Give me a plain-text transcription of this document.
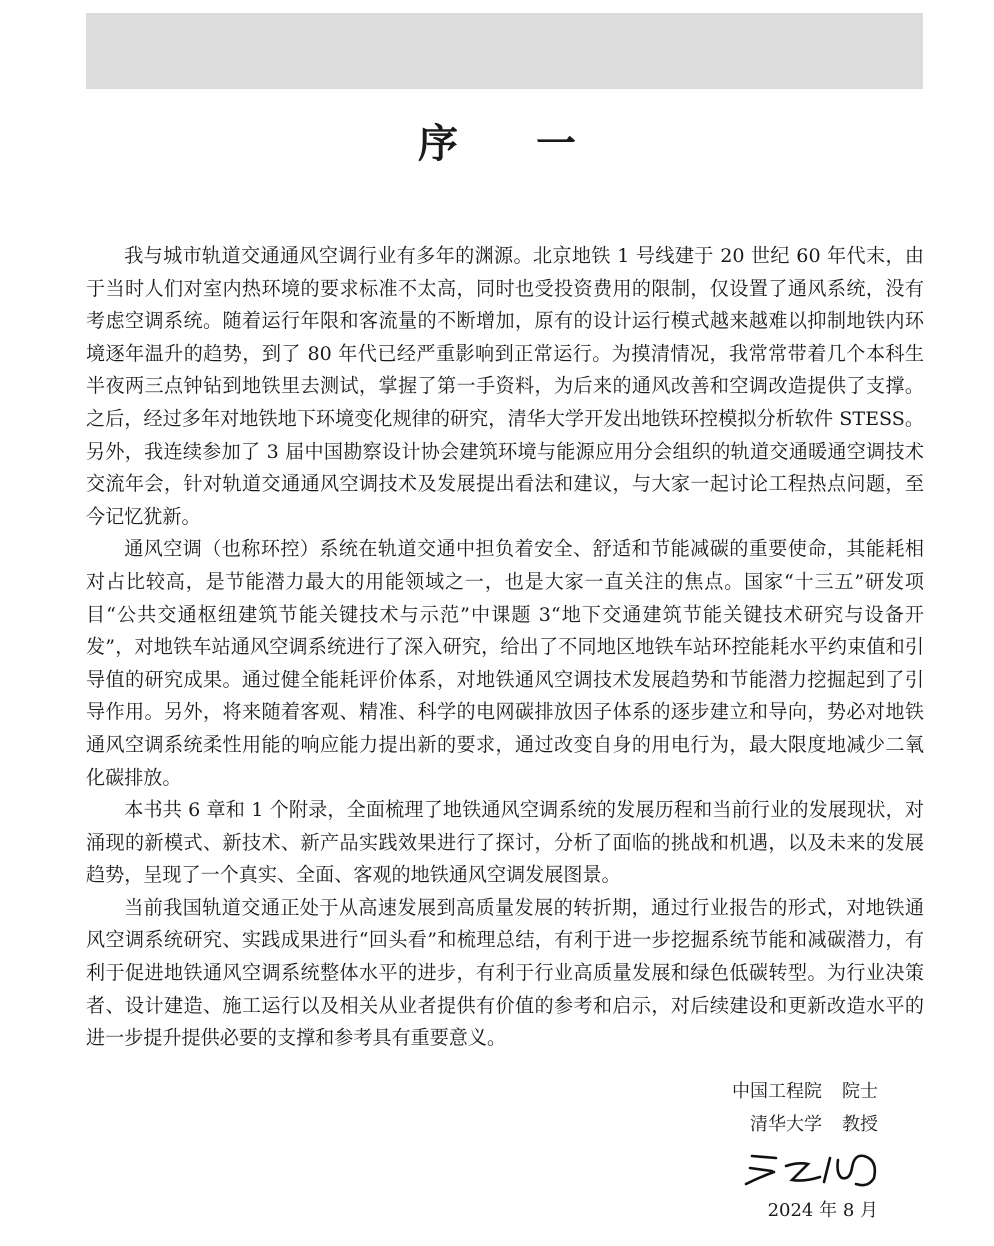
序 一

我与城市轨道交通通风空调行业有多年的渊源。北京地铁 1 号线建于 20 世纪 60 年代末，由于当时人们对室内热环境的要求标准不太高，同时也受投资费用的限制，仅设置了通风系统，没有考虑空调系统。随着运行年限和客流量的不断增加，原有的设计运行模式越来越难以抑制地铁内环境逐年温升的趋势，到了 80 年代已经严重影响到正常运行。为摸清情况，我常常带着几个本科生半夜两三点钟钻到地铁里去测试，掌握了第一手资料，为后来的通风改善和空调改造提供了支撑。之后，经过多年对地铁地下环境变化规律的研究，清华大学开发出地铁环控模拟分析软件 STESS。另外，我连续参加了 3 届中国勘察设计协会建筑环境与能源应用分会组织的轨道交通暖通空调技术交流年会，针对轨道交通通风空调技术及发展提出看法和建议，与大家一起讨论工程热点问题，至今记忆犹新。

通风空调（也称环控）系统在轨道交通中担负着安全、舒适和节能减碳的重要使命，其能耗相对占比较高，是节能潜力最大的用能领域之一，也是大家一直关注的焦点。国家“十三五”研发项目“公共交通枢纽建筑节能关键技术与示范”中课题 3“地下交通建筑节能关键技术研究与设备开发”，对地铁车站通风空调系统进行了深入研究，给出了不同地区地铁车站环控能耗水平约束值和引导值的研究成果。通过健全能耗评价体系，对地铁通风空调技术发展趋势和节能潜力挖掘起到了引导作用。另外，将来随着客观、精准、科学的电网碳排放因子体系的逐步建立和导向，势必对地铁通风空调系统柔性用能的响应能力提出新的要求，通过改变自身的用电行为，最大限度地减少二氧化碳排放。

本书共 6 章和 1 个附录，全面梳理了地铁通风空调系统的发展历程和当前行业的发展现状，对涌现的新模式、新技术、新产品实践效果进行了探讨，分析了面临的挑战和机遇，以及未来的发展趋势，呈现了一个真实、全面、客观的地铁通风空调发展图景。

当前我国轨道交通正处于从高速发展到高质量发展的转折期，通过行业报告的形式，对地铁通风空调系统研究、实践成果进行“回头看”和梳理总结，有利于进一步挖掘系统节能和减碳潜力，有利于促进地铁通风空调系统整体水平的进步，有利于行业高质量发展和绿色低碳转型。为行业决策者、设计建造、施工运行以及相关从业者提供有价值的参考和启示，对后续建设和更新改造水平的进一步提升提供必要的支撑和参考具有重要意义。

中国工程院 院士
清华大学 教授
2024 年 8 月
